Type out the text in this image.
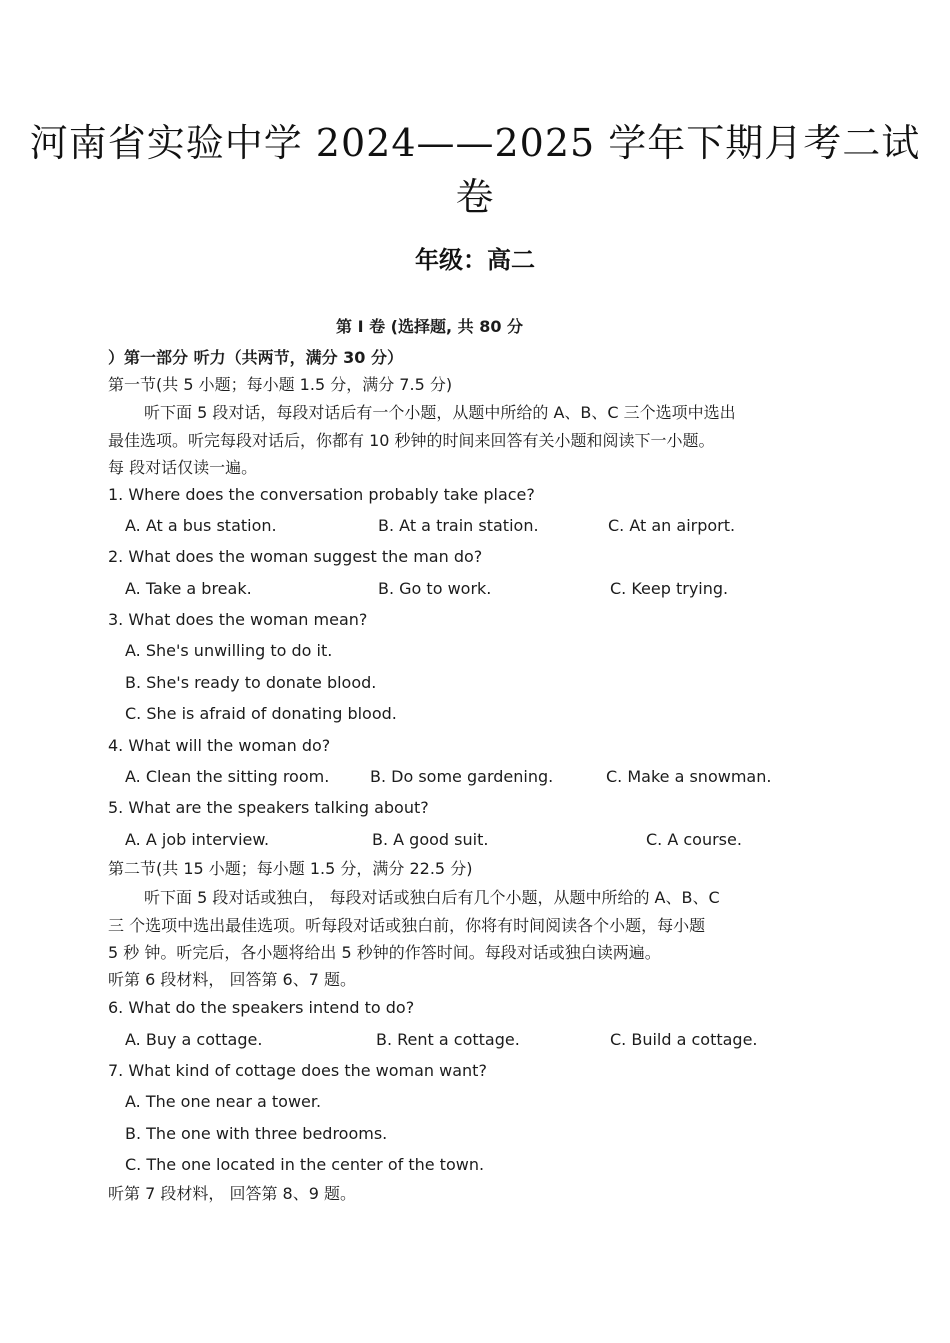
河南省实验中学 2024——2025 学年下期月考二试
卷
年级：高二
第 Ⅰ 卷 (选择题, 共 80 分
）第一部分 听力（共两节，满分 30 分）
第一节(共 5 小题；每小题 1.5 分，满分 7.5 分)
听下面 5 段对话，每段对话后有一个小题，从题中所给的 A、B、C 三个选项中选出
最佳选项。听完每段对话后，你都有 10 秒钟的时间来回答有关小题和阅读下一小题。
每 段对话仅读一遍。
1. Where does the conversation probably take place?
A. At a bus station.	B. At a train station.	C. At an airport.
2. What does the woman suggest the man do?
A. Take a break.	B. Go to work.	C. Keep trying.
3. What does the woman mean?
A. She's unwilling to do it.
B. She's ready to donate blood.
C. She is afraid of donating blood.
4. What will the woman do?
A. Clean the sitting room.	B. Do some gardening.	C. Make a snowman.
5. What are the speakers talking about?
A. A job interview.	B. A good suit.	C. A course.
第二节(共 15 小题；每小题 1.5 分，满分 22.5 分)
听下面 5 段对话或独白， 每段对话或独白后有几个小题，从题中所给的 A、B、C
三 个选项中选出最佳选项。听每段对话或独白前，你将有时间阅读各个小题，每小题
5 秒 钟。听完后，各小题将给出 5 秒钟的作答时间。每段对话或独白读两遍。
听第 6 段材料， 回答第 6、7 题。
6. What do the speakers intend to do?
A. Buy a cottage.	B. Rent a cottage.	C. Build a cottage.
7. What kind of cottage does the woman want?
A. The one near a tower.
B. The one with three bedrooms.
C. The one located in the center of the town.
听第 7 段材料， 回答第 8、9 题。
